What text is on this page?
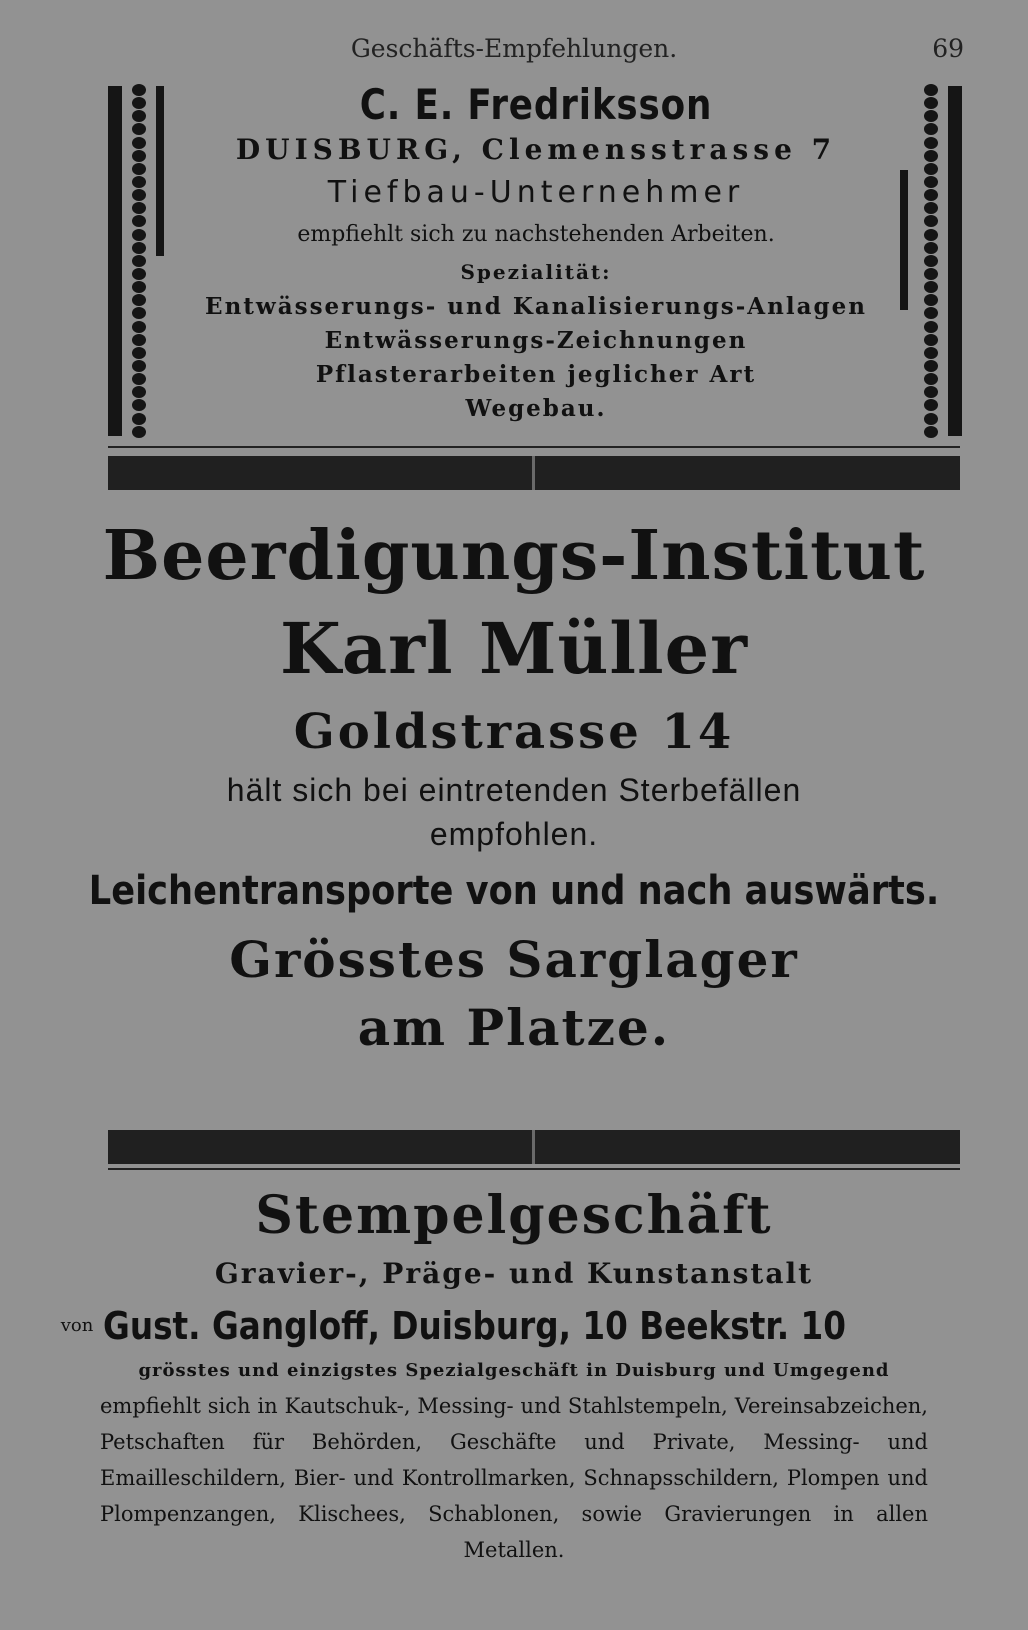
Geschäfts-Empfehlungen.	69
C. E. Fredriksson
DUISBURG, Clemensstrasse 7
Tiefbau-Unternehmer
empfiehlt sich zu nachstehenden Arbeiten.
Spezialität:
Entwässerungs- und Kanalisierungs-Anlagen
Entwässerungs-Zeichnungen
Pflasterarbeiten jeglicher Art
Wegebau.
Beerdigungs-Institut
Karl Müller
Goldstrasse 14
hält sich bei eintretenden Sterbefällen
empfohlen.
Leichentransporte von und nach auswärts.
Grösstes Sarglager
am Platze.
Stempelgeschäft
Gravier-, Präge- und Kunstanstalt
von Gust. Gangloff, Duisburg, 10 Beekstr. 10
grösstes und einzigstes Spezialgeschäft in Duisburg und Umgegend
empfiehlt sich in Kautschuk-, Messing- und Stahlstempeln, Vereinsabzeichen, Petschaften für Behörden, Geschäfte und Private, Messing- und Emailleschildern, Bier- und Kontrollmarken, Schnapsschildern, Plompen und Plompenzangen, Klischees, Schablonen, sowie Gravierungen in allen Metallen.
